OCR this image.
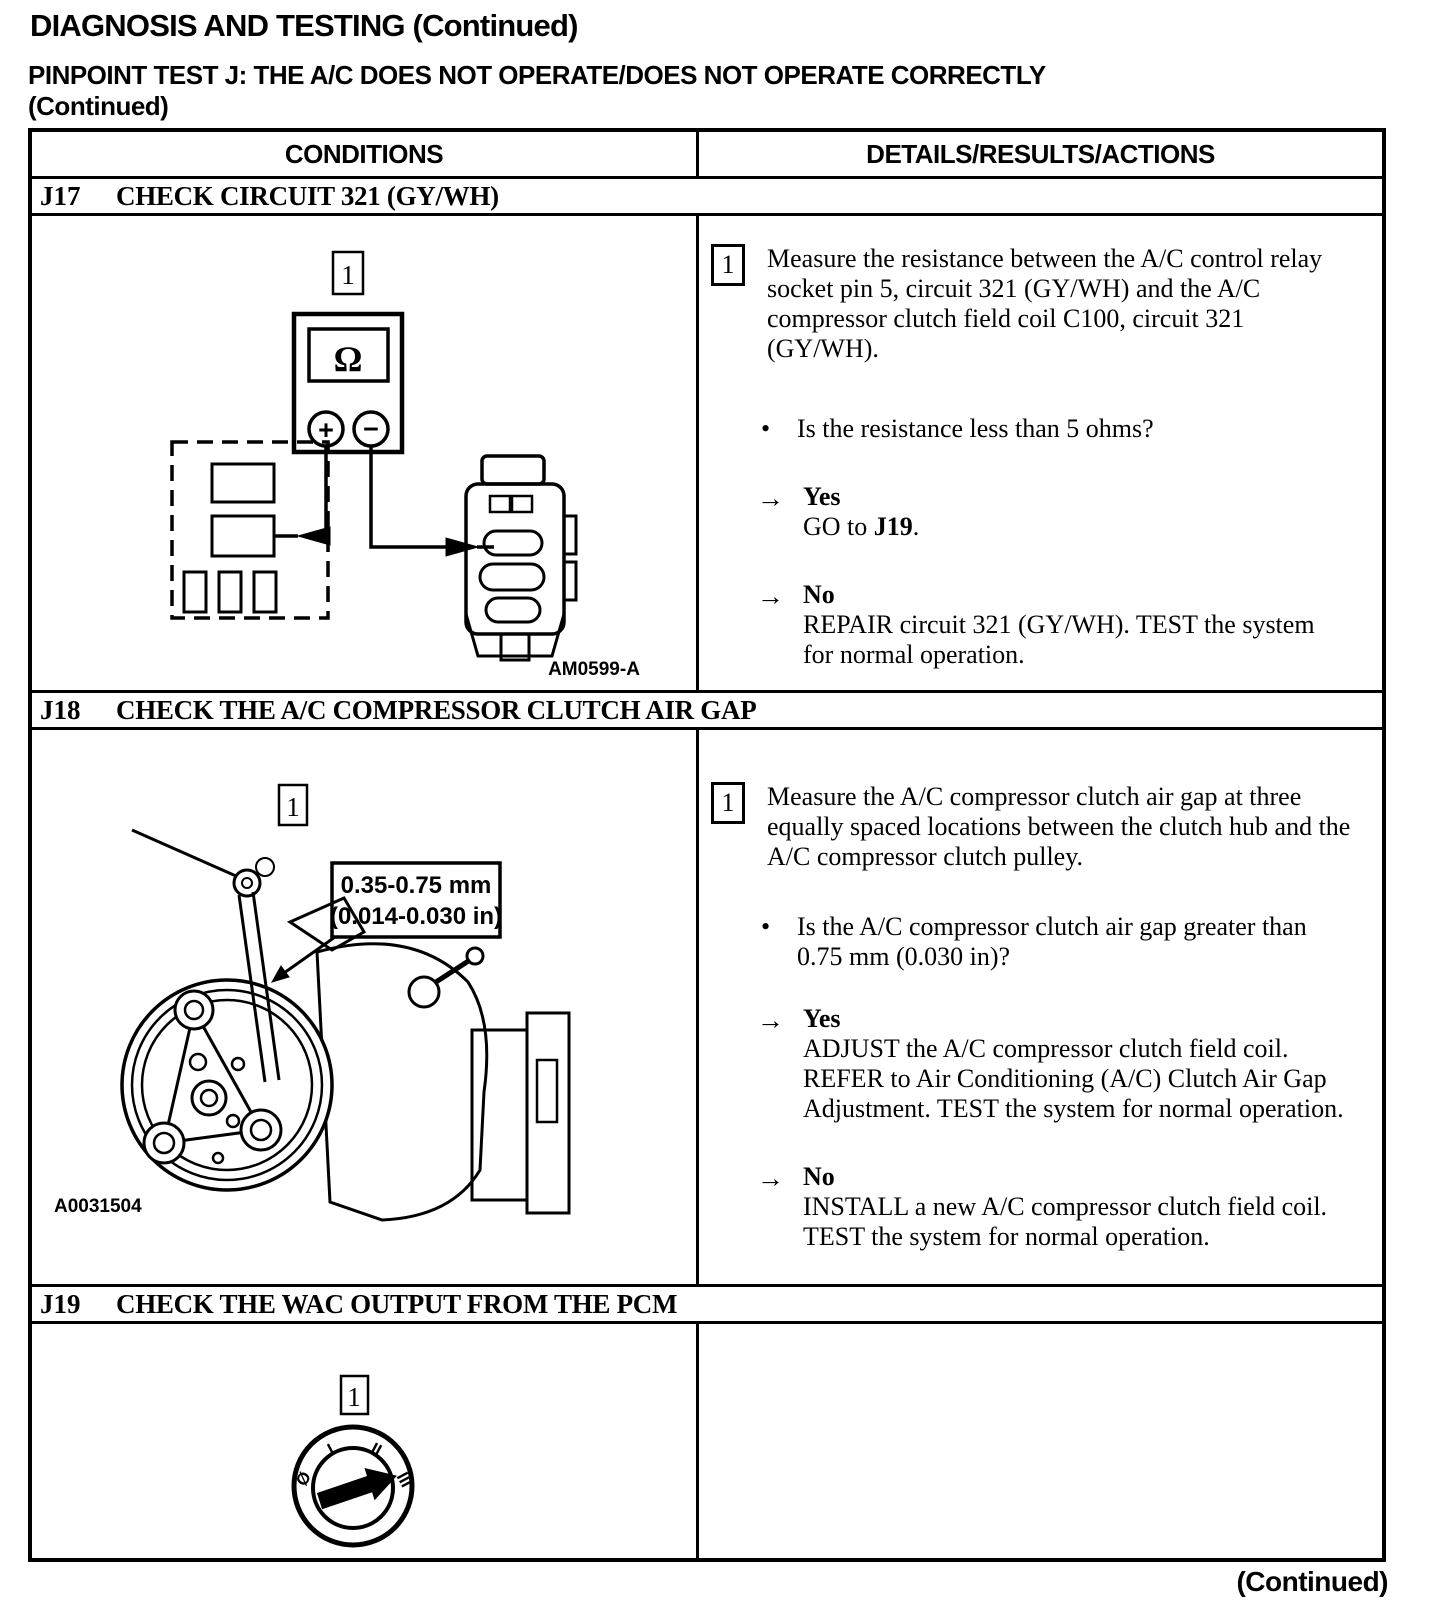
DIAGNOSIS AND TESTING (Continued)
PINPOINT TEST J: THE A/C DOES NOT OPERATE/DOES NOT OPERATE CORRECTLY
(Continued)
CONDITIONS	DETAILS/RESULTS/ACTIONS
J17	CHECK CIRCUIT 321 (GY/WH)
1
Ω
+ −
AM0599-A
1	Measure the resistance between the A/C control relay socket pin 5, circuit 321 (GY/WH) and the A/C compressor clutch field coil C100, circuit 321 (GY/WH).
•	Is the resistance less than 5 ohms?
→ Yes
GO to J19.
→ No
REPAIR circuit 321 (GY/WH). TEST the system for normal operation.
J18	CHECK THE A/C COMPRESSOR CLUTCH AIR GAP
1
0.35-0.75 mm
(0.014-0.030 in)
A0031504
1	Measure the A/C compressor clutch air gap at three equally spaced locations between the clutch hub and the A/C compressor clutch pulley.
•	Is the A/C compressor clutch air gap greater than 0.75 mm (0.030 in)?
→ Yes
ADJUST the A/C compressor clutch field coil. REFER to Air Conditioning (A/C) Clutch Air Gap Adjustment. TEST the system for normal operation.
→ No
INSTALL a new A/C compressor clutch field coil. TEST the system for normal operation.
J19	CHECK THE WAC OUTPUT FROM THE PCM
1
Ø
I II
III
(Continued)
